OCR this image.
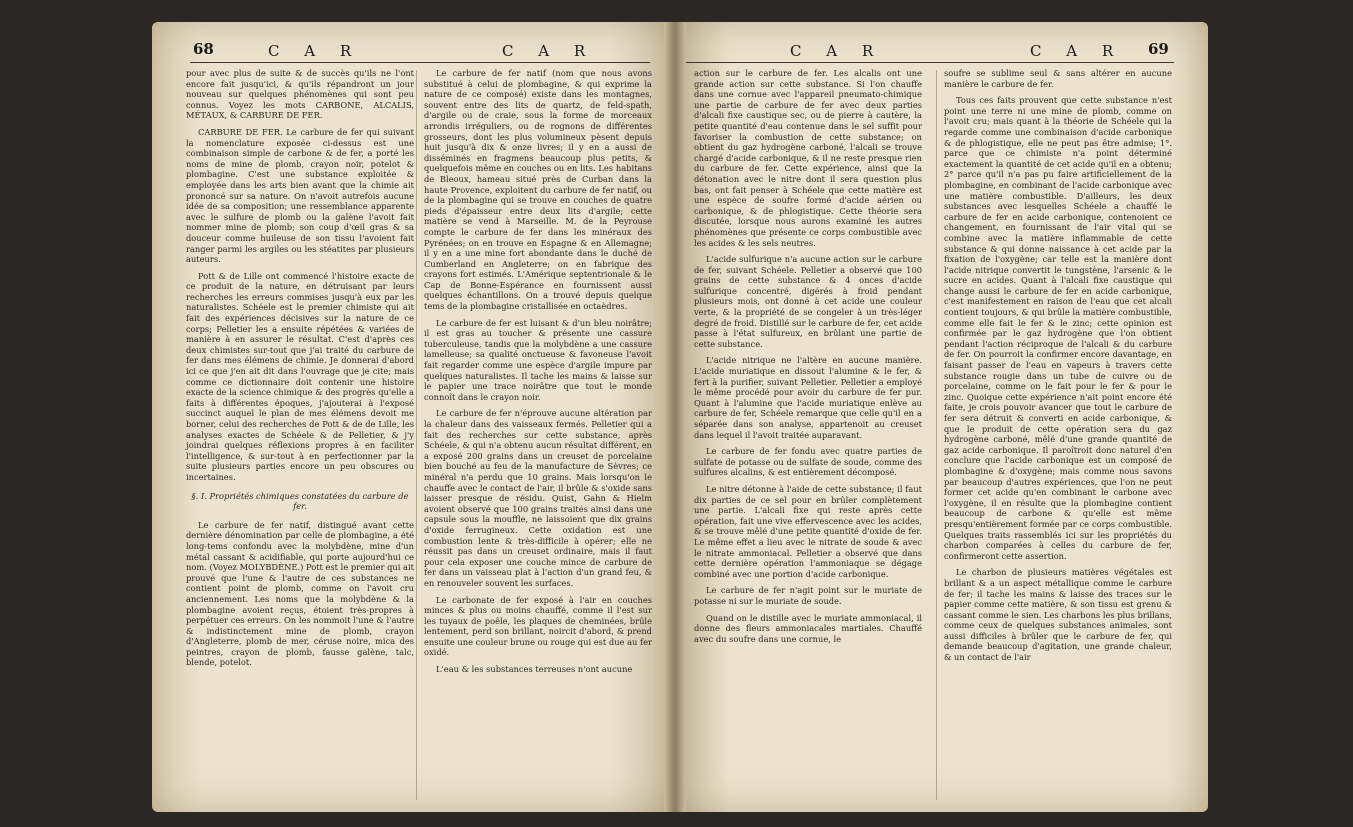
68	C A R	C A R	C A R	C A R 69

pour avec plus de suite & de succès qu'ils ne l'ont encore fait jusqu'ici, & qu'ils répandront un jour nouveau sur quelques phénomènes qui sont peu connus. Voyez les mots CARBONE, ALCALIS, MÉTAUX, & CARBURE DE FER.

CARBURE DE FER. Le carbure de fer qui suivant la nomenclature exposée ci-dessus est une combinaison simple de carbone & de fer, a porté les noms de mine de plomb, crayon noir, potelot & plombagine. C'est une substance exploitée & employée dans les arts bien avant que la chimie ait prononcé sur sa nature. On n'avoit autrefois aucune idée de sa composition; une ressemblance apparente avec le sulfure de plomb ou la galène l'avoit fait nommer mine de plomb; son coup d'œil gras & sa douceur comme huileuse de son tissu l'avoient fait ranger parmi les argiles ou les stéatites par plusieurs auteurs.

Pott & de Lille ont commencé l'histoire exacte de ce produit de la nature, en détruisant par leurs recherches les erreurs commises jusqu'à eux par les naturalistes. Schéele est le premier chimiste qui ait fait des expériences décisives sur la nature de ce corps; Pelletier les a ensuite répétées & variées de manière à en assurer le résultat. C'est d'après ces deux chimistes sur-tout que j'ai traité du carbure de fer dans mes élémens de chimie. Je donnerai d'abord ici ce que j'en ait dit dans l'ouvrage que je cite; mais comme ce dictionnaire doit contenir une histoire exacte de la science chimique & des progrès qu'elle a faits à différentes époques, j'ajouterai à l'exposé succinct auquel le plan de mes élémens devoit me borner, celui des recherches de Pott & de de Lille, les analyses exactes de Schéele & de Pelletier, & j'y joindrai quelques réflexions propres à en faciliter l'intelligence, & sur-tout à en perfectionner par la suite plusieurs parties encore un peu obscures ou incertaines.

§. I. Propriétés chimiques constatées du carbure de fer.

Le carbure de fer natif, distingué avant cette dernière dénomination par celle de plombagine, a été long-tems confondu avec la molybdène, mine d'un métal cassant & acidifiable, qui porte aujourd'hui ce nom. (Voyez MOLYBDÈNE.) Pott est le premier qui ait prouvé que l'une & l'autre de ces substances ne contient point de plomb, comme on l'avoit cru anciennement. Les noms que la molybdène & la plombagine avoient reçus, étoient très-propres à perpétuer ces erreurs. On les nommoit l'une & l'autre & indistinctement mine de plomb, crayon d'Angleterre, plomb de mer, céruse noire, mica des peintres, crayon de plomb, fausse galène, talc, blende, potelot.

Le carbure de fer natif (nom que nous avons substitué à celui de plombagine, & qui exprime la nature de ce composé) existe dans les montagnes, souvent entre des lits de quartz, de feld-spath, d'argile ou de craie, sous la forme de morceaux arrondis irréguliers, ou de rognons de différentes grosseurs, dont les plus volumineux pèsent depuis huit jusqu'à dix & onze livres; il y en a aussi de disséminés en fragmens beaucoup plus petits, & quelquefois même en couches ou en lits. Les habitans de Bleoux, hameau situé près de Curban dans la haute Provence, exploitent du carbure de fer natif, ou de la plombagine qui se trouve en couches de quatre pieds d'épaisseur entre deux lits d'argile; cette matière se vend à Marseille. M. de la Peyrouse compte le carbure de fer dans les minéraux des Pyrénées; on en trouve en Espagne & en Allemagne; il y en a une mine fort abondante dans le duché de Cumberland en Angleterre; on en fabrique des crayons fort estimés. L'Amérique septentrionale & le Cap de Bonne-Espérance en fournissent aussi quelques échantillons. On a trouvé depuis quelque tems de la plombagine cristallisée en octaèdres.

Le carbure de fer est luisant & d'un bleu noirâtre; il est gras au toucher & présente une cassure tuberculeuse, tandis que la molybdène a une cassure lamelleuse; sa qualité onctueuse & favoneuse l'avoit fait regarder comme une espèce d'argile impure par quelques naturalistes. Il tache les mains & laisse sur le papier une trace noirâtre que tout le monde connoît dans le crayon noir.

Le carbure de fer n'éprouve aucune altération par la chaleur dans des vaisseaux fermés. Pelletier qui a fait des recherches sur cette substance, après Schéele, & qui n'a obtenu aucun résultat différent, en a exposé 200 grains dans un creuset de porcelaine bien bouché au feu de la manufacture de Sèvres; ce minéral n'a perdu que 10 grains. Mais lorsqu'on le chauffe avec le contact de l'air, il brûle & s'oxide sans laisser presque de résidu. Quist, Gahn & Hielm avoient observé que 100 grains traités ainsi dans une capsule sous la mouffle, ne laissoient que dix grains d'oxide ferrugineux. Cette oxidation est une combustion lente & très-difficile à opérer; elle ne réussit pas dans un creuset ordinaire, mais il faut pour cela exposer une couche mince de carbure de fer dans un vaisseau plat à l'action d'un grand feu, & en renouveler souvent les surfaces.

Le carbonate de fer exposé à l'air en couches minces & plus ou moins chauffé, comme il l'est sur les tuyaux de poêle, les plaques de cheminées, brûle lentement, perd son brillant, noircit d'abord, & prend ensuite une couleur brune ou rouge qui est due au fer oxidé.

L'eau & les substances terreuses n'ont aucune

action sur le carbure de fer. Les alcalis ont une grande action sur cette substance. Si l'on chauffe dans une cornue avec l'appareil pneumato-chimique une partie de carbure de fer avec deux parties d'alcali fixe caustique sec, ou de pierre à cautère, la petite quantité d'eau contenue dans le sel suffit pour favoriser la combustion de cette substance; on obtient du gaz hydrogène carboné, l'alcali se trouve chargé d'acide carbonique, & il ne reste presque rien du carbure de fer. Cette expérience, ainsi que la détonation avec le nitre dont il sera question plus bas, ont fait penser à Schéele que cette matière est une espèce de soufre formé d'acide aérien ou carbonique, & de phlogistique. Cette théorie sera discutée, lorsque nous aurons examiné les autres phénomènes que présente ce corps combustible avec les acides & les sels neutres.

L'acide sulfurique n'a aucune action sur le carbure de fer, suivant Schéele. Pelletier a observé que 100 grains de cette substance & 4 onces d'acide sulfurique concentré, digérés à froid pendant plusieurs mois, ont donné à cet acide une couleur verte, & la propriété de se congeler à un très-léger degré de froid. Distillé sur le carbure de fer, cet acide passe à l'état sulfureux, en brûlant une partie de cette substance.

L'acide nitrique ne l'altère en aucune manière. L'acide muriatique en dissout l'alumine & le fer, & fert à la purifier, suivant Pelletier. Pelletier a employé le même procédé pour avoir du carbure de fer pur. Quant à l'alumine que l'acide muriatique enlève au carbure de fer, Schéele remarque que celle qu'il en a séparée dans son analyse, appartenoit au creuset dans lequel il l'avoit traitée auparavant.

Le carbure de fer fondu avec quatre parties de sulfate de potasse ou de sulfate de soude, comme des sulfures alcalins, & est entièrement décomposé.

Le nitre détonne à l'aide de cette substance; il faut dix parties de ce sel pour en brûler complètement une partie. L'alcali fixe qui reste après cette opération, fait une vive effervescence avec les acides, & se trouve mêlé d'une petite quantité d'oxide de fer. Le même effet a lieu avec le nitrate de soude & avec le nitrate ammoniacal. Pelletier a observé que dans cette dernière opération l'ammoniaque se dégage combiné avec une portion d'acide carbonique.

Le carbure de fer n'agit point sur le muriate de potasse ni sur le muriate de soude.

Quand on le distille avec le muriate ammoniacal, il donne des fleurs ammoniacales martiales. Chauffé avec du soufre dans une cornue, le

soufre se sublime seul & sans altérer en aucune manière le carbure de fer.

Tous ces faits prouvent que cette substance n'est point une terre ni une mine de plomb, comme on l'avoit cru; mais quant à la théorie de Schéele qui la regarde comme une combinaison d'acide carbonique & de phlogistique, elle ne peut pas être admise; 1°. parce que ce chimiste n'a point déterminé exactement la quantité de cet acide qu'il en a obtenu; 2° parce qu'il n'a pas pu faire artificiellement de la plombagine, en combinant de l'acide carbonique avec une matière combustible. D'ailleurs, les deux substances avec lesquelles Schéele a chauffé le carbure de fer en acide carbonique, contenoient ce changement, en fournissant de l'air vital qui se combine avec la matière inflammable de cette substance & qui donne naissance à cet acide par la fixation de l'oxygène; car telle est la manière dont l'acide nitrique convertit le tungstène, l'arsenic & le sucre en acides. Quant à l'alcali fixe caustique qui change aussi le carbure de fer en acide carbonique, c'est manifestement en raison de l'eau que cet alcali contient toujours, & qui brûle la matière combustible, comme elle fait le fer & le zinc; cette opinion est confirmée par le gaz hydrogène que l'on obtient pendant l'action réciproque de l'alcali & du carbure de fer. On pourroit la confirmer encore davantage, en faisant passer de l'eau en vapeurs à travers cette substance rougie dans un tube de cuivre ou de porcelaine, comme on le fait pour le fer & pour le zinc. Quoique cette expérience n'ait point encore été faite, je crois pouvoir avancer que tout le carbure de fer sera détruit & converti en acide carbonique, & que le produit de cette opération sera du gaz hydrogène carboné, mêlé d'une grande quantité de gaz acide carbonique. Il paroîtroit donc naturel d'en conclure que l'acide carbonique est un composé de plombagine & d'oxygène; mais comme nous savons par beaucoup d'autres expériences, que l'on ne peut former cet acide qu'en combinant le carbone avec l'oxygène, il en résulte que la plombagine contient beaucoup de carbone & qu'elle est même presqu'entièrement formée par ce corps combustible. Quelques traits rassemblés ici sur les propriétés du charbon comparées à celles du carbure de fer, confirmeront cette assertion.

Le charbon de plusieurs matières végétales est brillant & a un aspect métallique comme le carbure de fer; il tache les mains & laisse des traces sur le papier comme cette matière, & son tissu est grenu & cassant comme le sien. Les charbons les plus brillans, comme ceux de quelques substances animales, sont aussi difficiles à brûler que le carbure de fer, qui demande beaucoup d'agitation, une grande chaleur, & un contact de l'air
